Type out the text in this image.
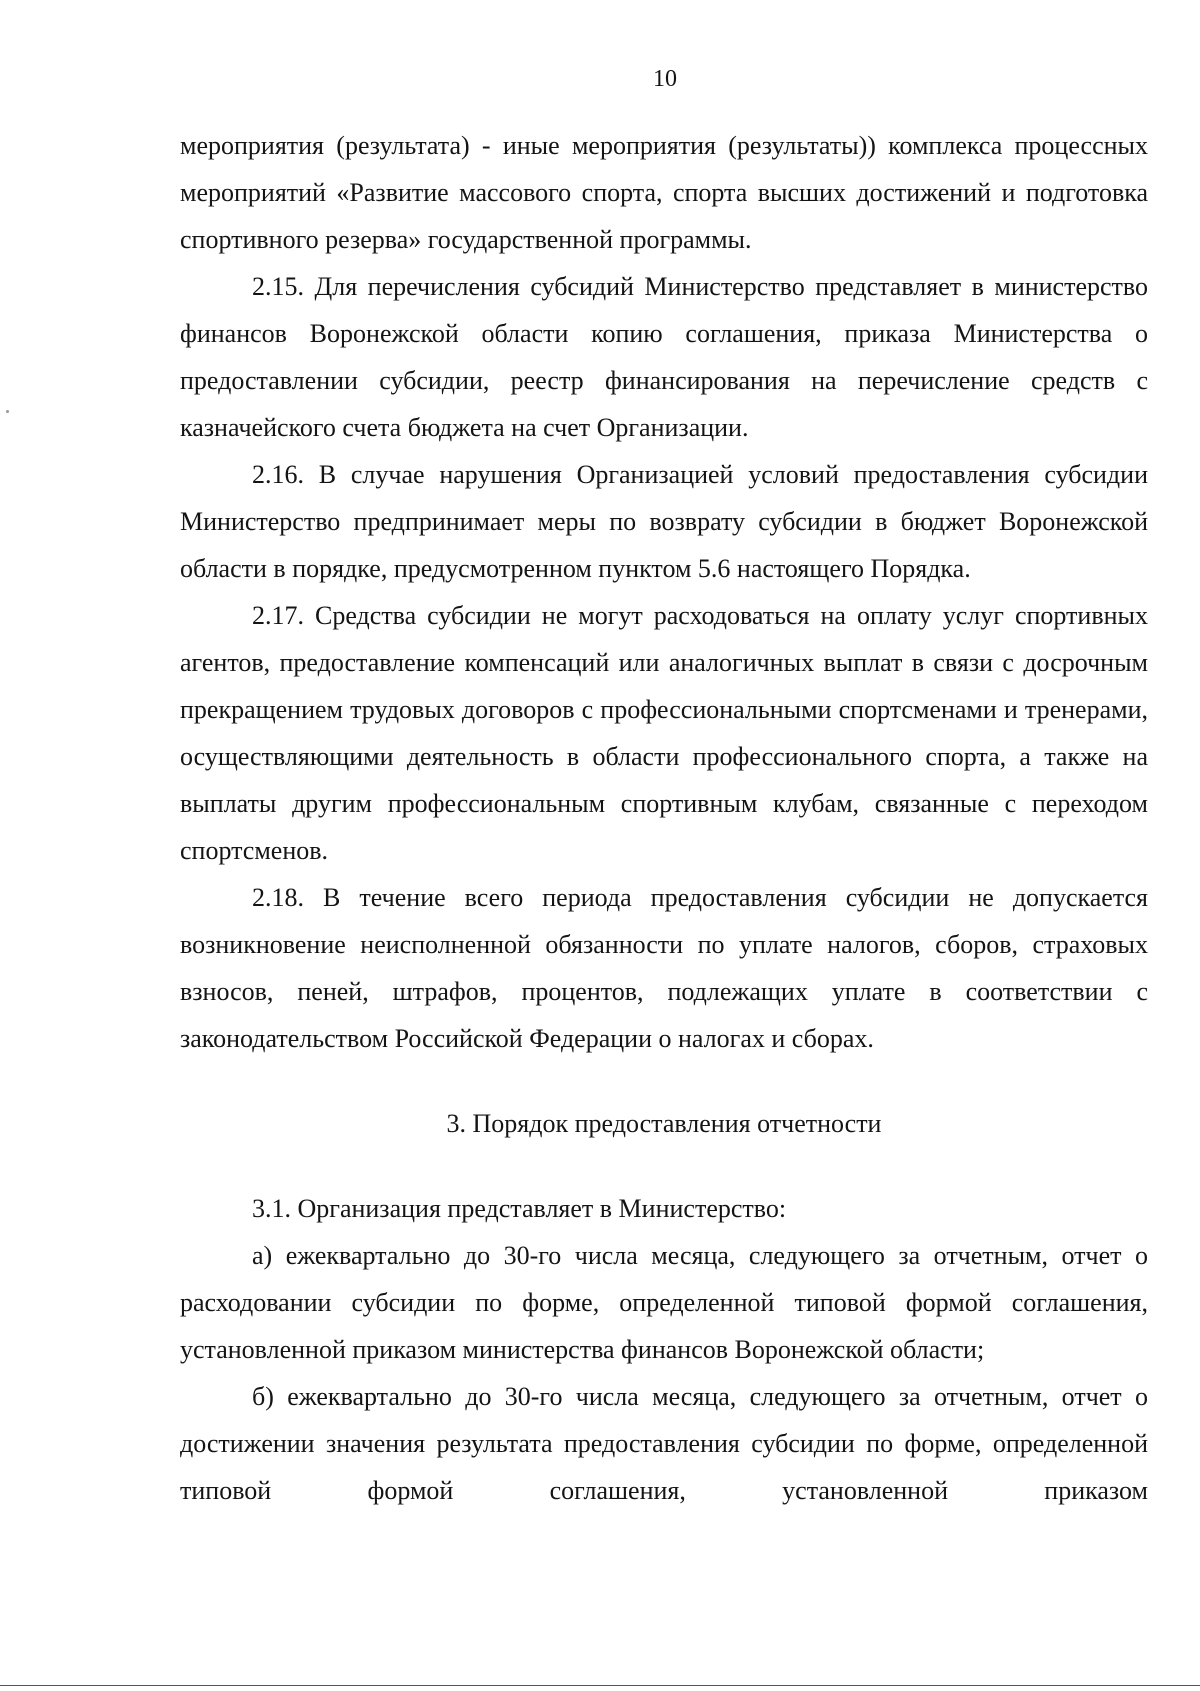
10

мероприятия (результата) - иные мероприятия (результаты)) комплекса процессных мероприятий «Развитие массового спорта, спорта высших достижений и подготовка спортивного резерва» государственной программы.

2.15. Для перечисления субсидий Министерство представляет в министерство финансов Воронежской области копию соглашения, приказа Министерства о предоставлении субсидии, реестр финансирования на перечисление средств с казначейского счета бюджета на счет Организации.

2.16. В случае нарушения Организацией условий предоставления субсидии Министерство предпринимает меры по возврату субсидии в бюджет Воронежской области в порядке, предусмотренном пунктом 5.6 настоящего Порядка.

2.17. Средства субсидии не могут расходоваться на оплату услуг спортивных агентов, предоставление компенсаций или аналогичных выплат в связи с досрочным прекращением трудовых договоров с профессиональными спортсменами и тренерами, осуществляющими деятельность в области профессионального спорта, а также на выплаты другим профессиональным спортивным клубам, связанные с переходом спортсменов.

2.18. В течение всего периода предоставления субсидии не допускается возникновение неисполненной обязанности по уплате налогов, сборов, страховых взносов, пеней, штрафов, процентов, подлежащих уплате в соответствии с законодательством Российской Федерации о налогах и сборах.

3. Порядок предоставления отчетности

3.1. Организация представляет в Министерство:

а) ежеквартально до 30-го числа месяца, следующего за отчетным, отчет о расходовании субсидии по форме, определенной типовой формой соглашения, установленной приказом министерства финансов Воронежской области;

б) ежеквартально до 30-го числа месяца, следующего за отчетным, отчет о достижении значения результата предоставления субсидии по форме, определенной типовой формой соглашения, установленной приказом
